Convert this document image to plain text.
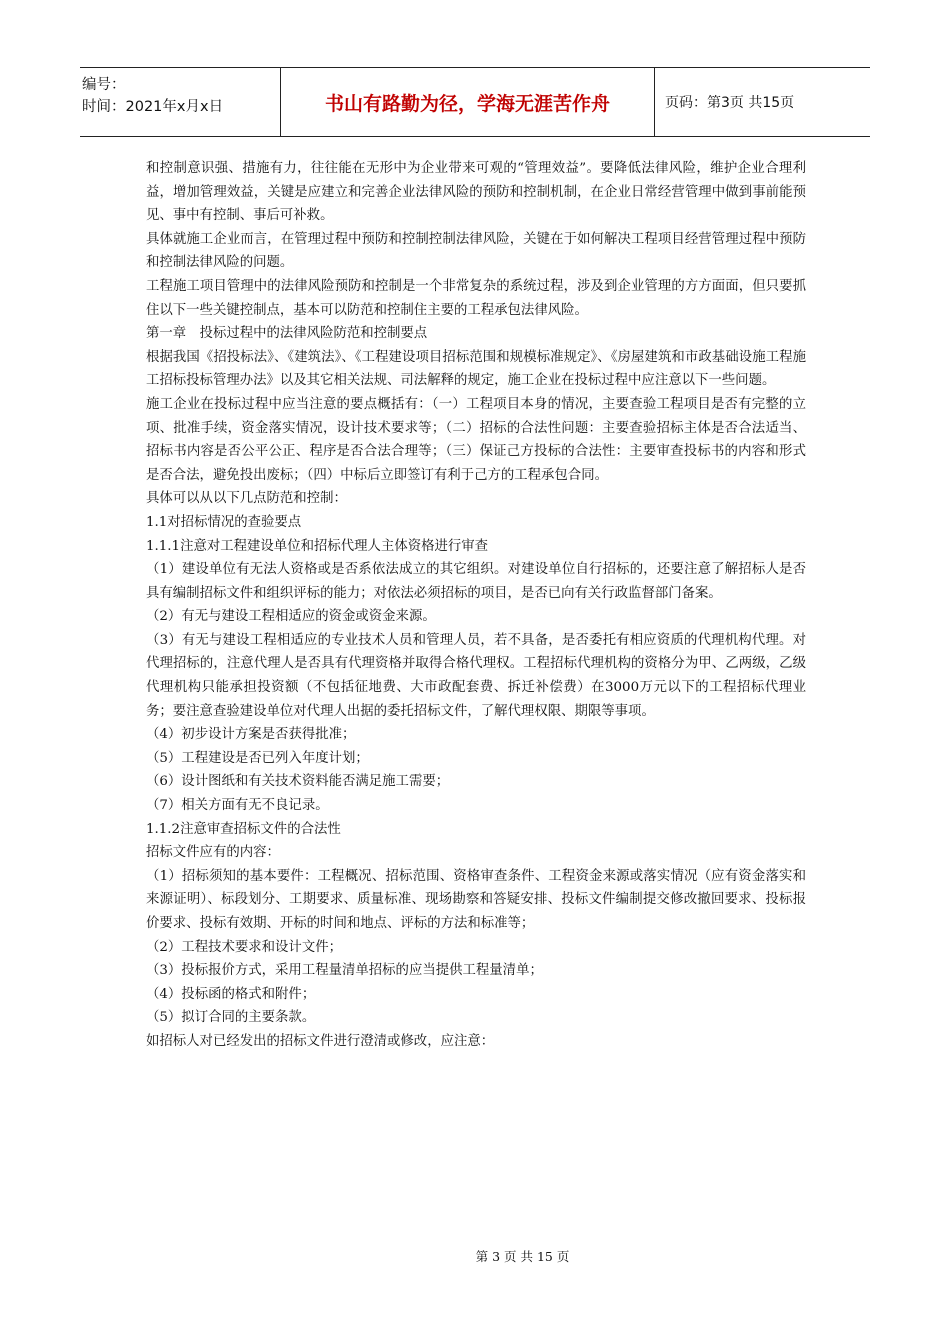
编号：
时间：2021年x月x日	书山有路勤为径，学海无涯苦作舟	页码：第3页 共15页

和控制意识强、措施有力，往往能在无形中为企业带来可观的“管理效益”。要降低法律风险，维护企业合理利益，增加管理效益，关键是应建立和完善企业法律风险的预防和控制机制，在企业日常经营管理中做到事前能预见、事中有控制、事后可补救。

具体就施工企业而言，在管理过程中预防和控制控制法律风险，关键在于如何解决工程项目经营管理过程中预防和控制法律风险的问题。

工程施工项目管理中的法律风险预防和控制是一个非常复杂的系统过程，涉及到企业管理的方方面面，但只要抓住以下一些关键控制点，基本可以防范和控制住主要的工程承包法律风险。

第一章　投标过程中的法律风险防范和控制要点

根据我国《招投标法》、《建筑法》、《工程建设项目招标范围和规模标准规定》、《房屋建筑和市政基础设施工程施工招标投标管理办法》以及其它相关法规、司法解释的规定，施工企业在投标过程中应注意以下一些问题。

施工企业在投标过程中应当注意的要点概括有：（一）工程项目本身的情况，主要查验工程项目是否有完整的立项、批准手续，资金落实情况，设计技术要求等；（二）招标的合法性问题：主要查验招标主体是否合法适当、招标书内容是否公平公正、程序是否合法合理等；（三）保证己方投标的合法性：主要审查投标书的内容和形式是否合法，避免投出废标；（四）中标后立即签订有利于己方的工程承包合同。

具体可以从以下几点防范和控制：

1.1对招标情况的查验要点

1.1.1注意对工程建设单位和招标代理人主体资格进行审查

（1）建设单位有无法人资格或是否系依法成立的其它组织。对建设单位自行招标的，还要注意了解招标人是否具有编制招标文件和组织评标的能力；对依法必须招标的项目，是否已向有关行政监督部门备案。

（2）有无与建设工程相适应的资金或资金来源。

（3）有无与建设工程相适应的专业技术人员和管理人员，若不具备，是否委托有相应资质的代理机构代理。对代理招标的，注意代理人是否具有代理资格并取得合格代理权。工程招标代理机构的资格分为甲、乙两级，乙级代理机构只能承担投资额（不包括征地费、大市政配套费、拆迁补偿费）在3000万元以下的工程招标代理业务；要注意查验建设单位对代理人出据的委托招标文件，了解代理权限、期限等事项。

（4）初步设计方案是否获得批准；

（5）工程建设是否已列入年度计划；

（6）设计图纸和有关技术资料能否满足施工需要；

（7）相关方面有无不良记录。

1.1.2注意审查招标文件的合法性

招标文件应有的内容：

（1）招标须知的基本要件：工程概况、招标范围、资格审查条件、工程资金来源或落实情况（应有资金落实和来源证明）、标段划分、工期要求、质量标准、现场勘察和答疑安排、投标文件编制提交修改撤回要求、投标报价要求、投标有效期、开标的时间和地点、评标的方法和标准等；

（2）工程技术要求和设计文件；

（3）投标报价方式，采用工程量清单招标的应当提供工程量清单；

（4）投标函的格式和附件；

（5）拟订合同的主要条款。

如招标人对已经发出的招标文件进行澄清或修改，应注意：

第 3 页 共 15 页
